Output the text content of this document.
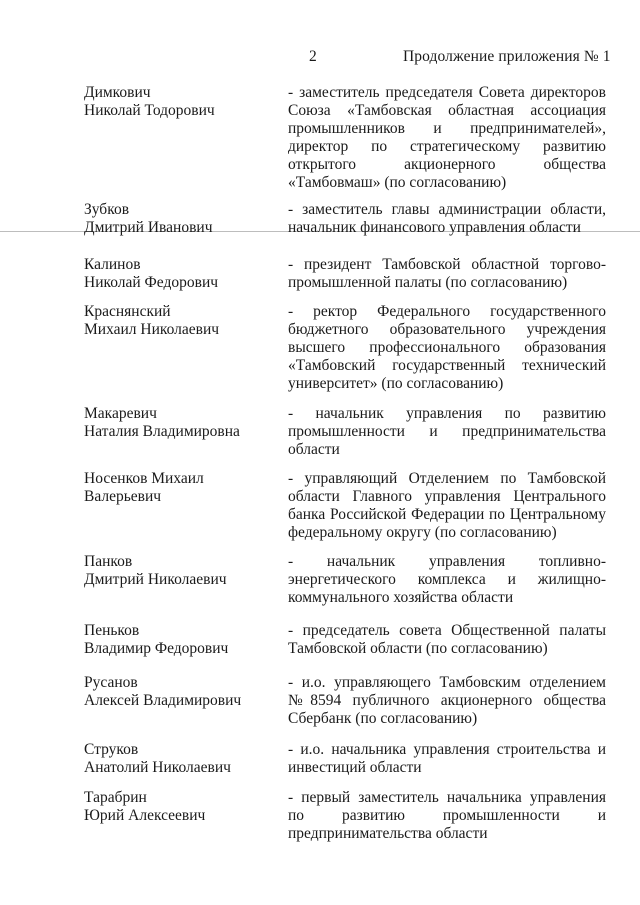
2	Продолжение приложения № 1
Димкович
Николай Тодорович
- заместитель председателя Совета директоров
Союза «Тамбовская областная ассоциация
промышленников и предпринимателей»,
директор по стратегическому развитию
открытого акционерного общества
«Тамбовмаш» (по согласованию)
Зубков
Дмитрий Иванович
- заместитель главы администрации области,
начальник финансового управления области
Калинов
Николай Федорович
- президент Тамбовской областной торгово-
промышленной палаты (по согласованию)
Краснянский
Михаил Николаевич
- ректор Федерального государственного
бюджетного образовательного учреждения
высшего профессионального образования
«Тамбовский государственный технический
университет» (по согласованию)
Макаревич
Наталия Владимировна
- начальник управления по развитию
промышленности и предпринимательства
области
Носенков Михаил
Валерьевич
- управляющий Отделением по Тамбовской
области Главного управления Центрального
банка Российской Федерации по Центральному
федеральному округу (по согласованию)
Панков
Дмитрий Николаевич
- начальник управления топливно-
энергетического комплекса и жилищно-
коммунального хозяйства области
Пеньков
Владимир Федорович
- председатель совета Общественной палаты
Тамбовской области (по согласованию)
Русанов
Алексей Владимирович
- и.о. управляющего Тамбовским отделением
№8594 публичного акционерного общества
Сбербанк (по согласованию)
Струков
Анатолий Николаевич
- и.о. начальника управления строительства и
инвестиций области
Тарабрин
Юрий Алексеевич
- первый заместитель начальника управления
по развитию промышленности и
предпринимательства области
